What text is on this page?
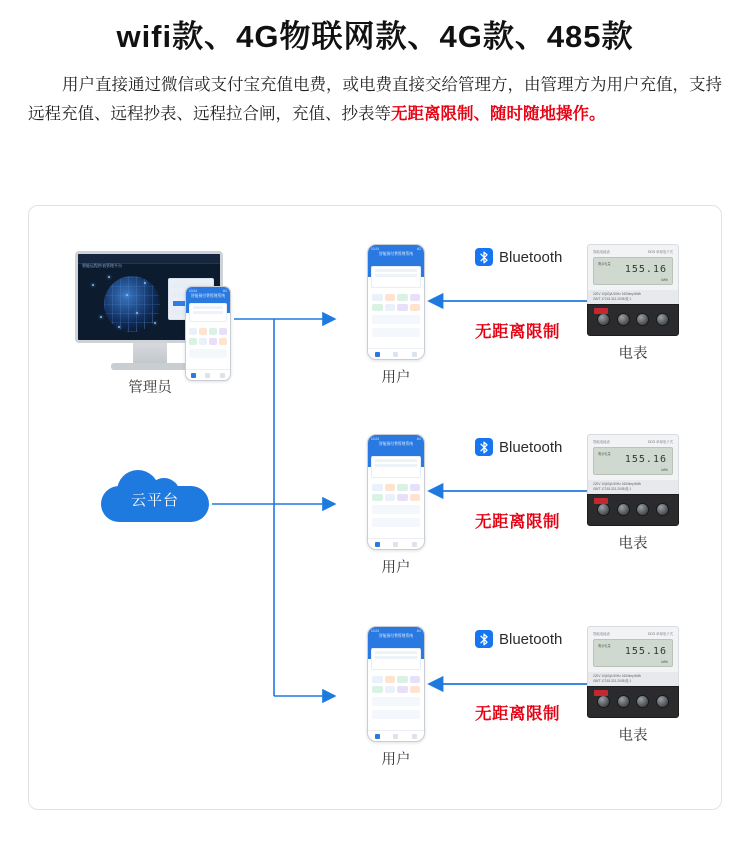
wifi款、4G物联网款、4G款、485款
用户直接通过微信或支付宝充值电费，或电费直接交给管理方，由管理方为用户充值，支持远程充值、远程抄表、远程拉合闸，充值、抄表等无距离限制、随时随地操作。
智能远程抄表管理平台
管理员
10:24	4G
智能预付费管理系统
云平台
10:24	4G
智能预付费管理系统
用户
Bluetooth
无距离限制
智能电能表	DDS 单相电子式
剩余电量 155.16
kWh
220V 10(60)A 50Hz 1600imp/kWh
GB/T 17215.321-2008 级 1
电表
10:24	4G
智能预付费管理系统
用户
Bluetooth
无距离限制
智能电能表	DDS 单相电子式
剩余电量 155.16
kWh
220V 10(60)A 50Hz 1600imp/kWh
GB/T 17215.321-2008 级 1
电表
10:24	4G
智能预付费管理系统
用户
Bluetooth
无距离限制
智能电能表	DDS 单相电子式
剩余电量 155.16
kWh
220V 10(60)A 50Hz 1600imp/kWh
GB/T 17215.321-2008 级 1
电表
